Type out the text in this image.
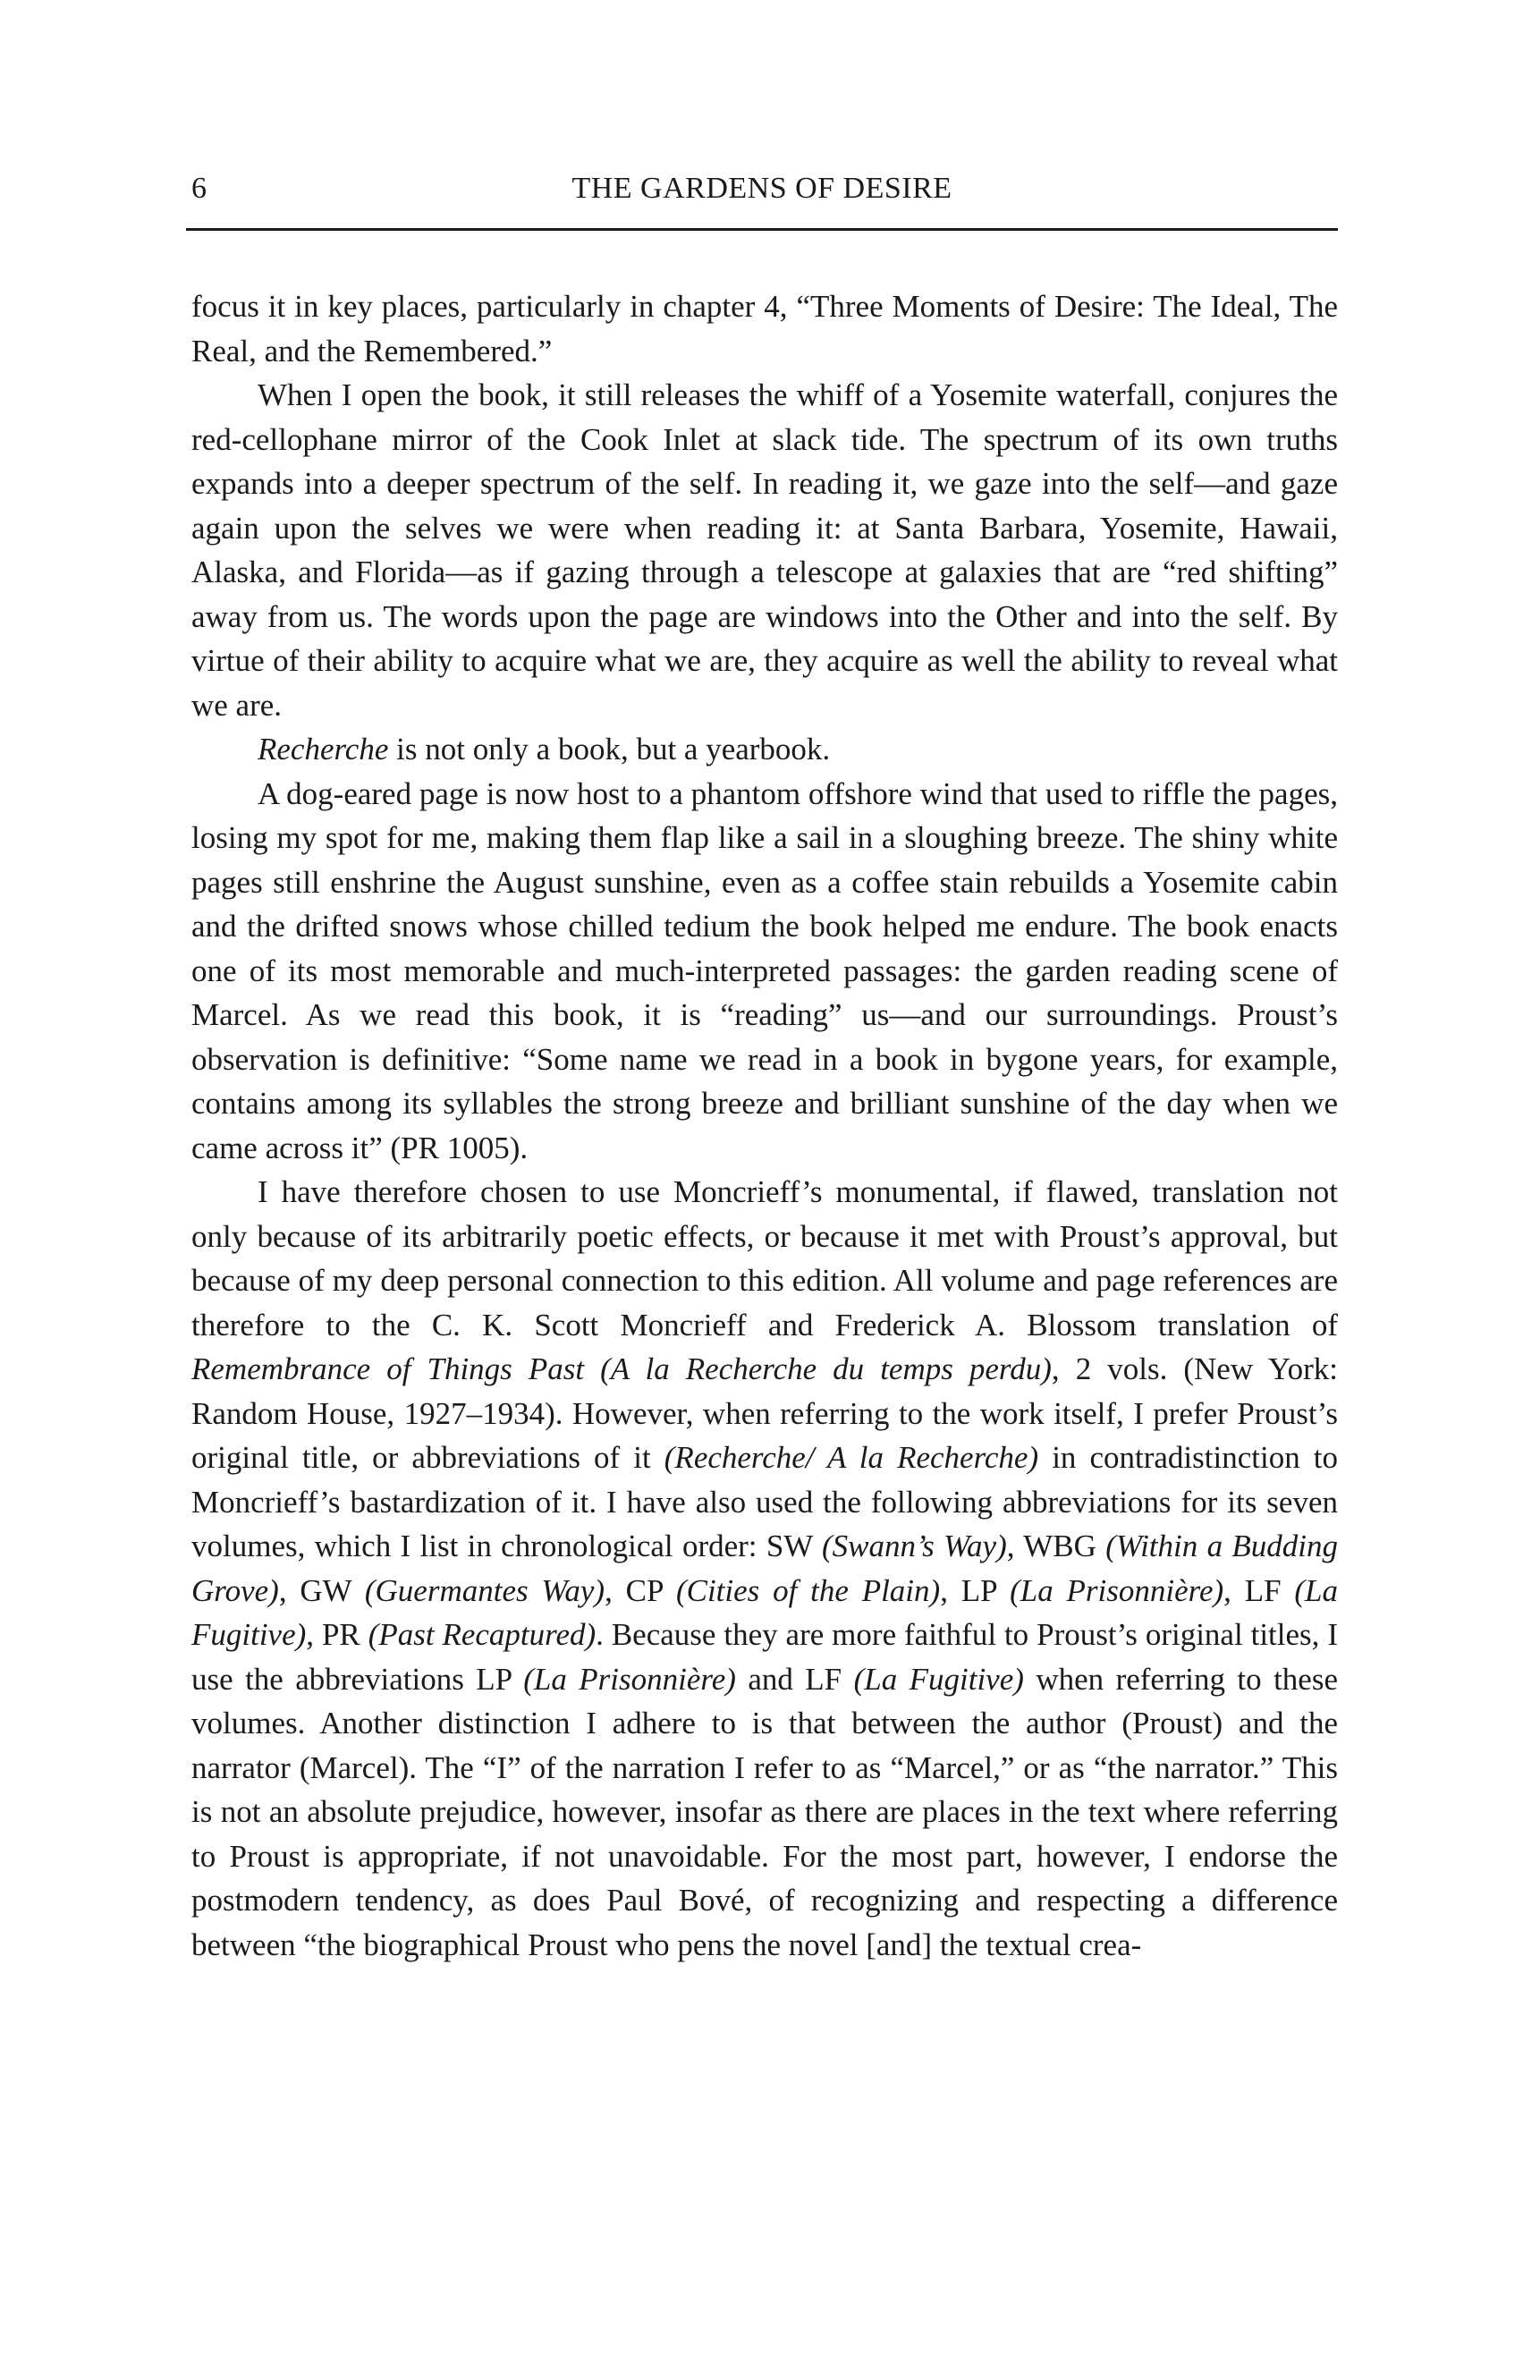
6	THE GARDENS OF DESIRE

focus it in key places, particularly in chapter 4, “Three Moments of Desire: The Ideal, The Real, and the Remembered.”

When I open the book, it still releases the whiff of a Yosemite waterfall, conjures the red-cellophane mirror of the Cook Inlet at slack tide. The spectrum of its own truths expands into a deeper spectrum of the self. In reading it, we gaze into the self—and gaze again upon the selves we were when reading it: at Santa Barbara, Yosemite, Hawaii, Alaska, and Florida—as if gazing through a telescope at galaxies that are “red shifting” away from us. The words upon the page are windows into the Other and into the self. By virtue of their ability to acquire what we are, they acquire as well the ability to reveal what we are.

Recherche is not only a book, but a yearbook.

A dog-eared page is now host to a phantom offshore wind that used to riffle the pages, losing my spot for me, making them flap like a sail in a sloughing breeze. The shiny white pages still enshrine the August sunshine, even as a coffee stain rebuilds a Yosemite cabin and the drifted snows whose chilled tedium the book helped me endure. The book enacts one of its most memorable and much-interpreted passages: the garden reading scene of Marcel. As we read this book, it is “reading” us—and our surroundings. Proust’s observation is definitive: “Some name we read in a book in bygone years, for example, contains among its syllables the strong breeze and brilliant sunshine of the day when we came across it” (PR 1005).

I have therefore chosen to use Moncrieff’s monumental, if flawed, translation not only because of its arbitrarily poetic effects, or because it met with Proust’s approval, but because of my deep personal connection to this edition. All volume and page references are therefore to the C. K. Scott Moncrieff and Frederick A. Blossom translation of Remembrance of Things Past (A la Recherche du temps perdu), 2 vols. (New York: Random House, 1927–1934). However, when referring to the work itself, I prefer Proust’s original title, or abbreviations of it (Recherche/ A la Recherche) in contradistinction to Moncrieff’s bastardization of it. I have also used the following abbreviations for its seven volumes, which I list in chronological order: SW (Swann’s Way), WBG (Within a Budding Grove), GW (Guermantes Way), CP (Cities of the Plain), LP (La Prisonnière), LF (La Fugitive), PR (Past Recaptured). Because they are more faithful to Proust’s original titles, I use the abbreviations LP (La Prisonnière) and LF (La Fugitive) when referring to these volumes. Another distinction I adhere to is that between the author (Proust) and the narrator (Marcel). The “I” of the narration I refer to as “Marcel,” or as “the narrator.” This is not an absolute prejudice, however, insofar as there are places in the text where referring to Proust is appropriate, if not unavoidable. For the most part, however, I endorse the postmodern tendency, as does Paul Bové, of recognizing and respecting a difference between “the biographical Proust who pens the novel [and] the textual crea-
